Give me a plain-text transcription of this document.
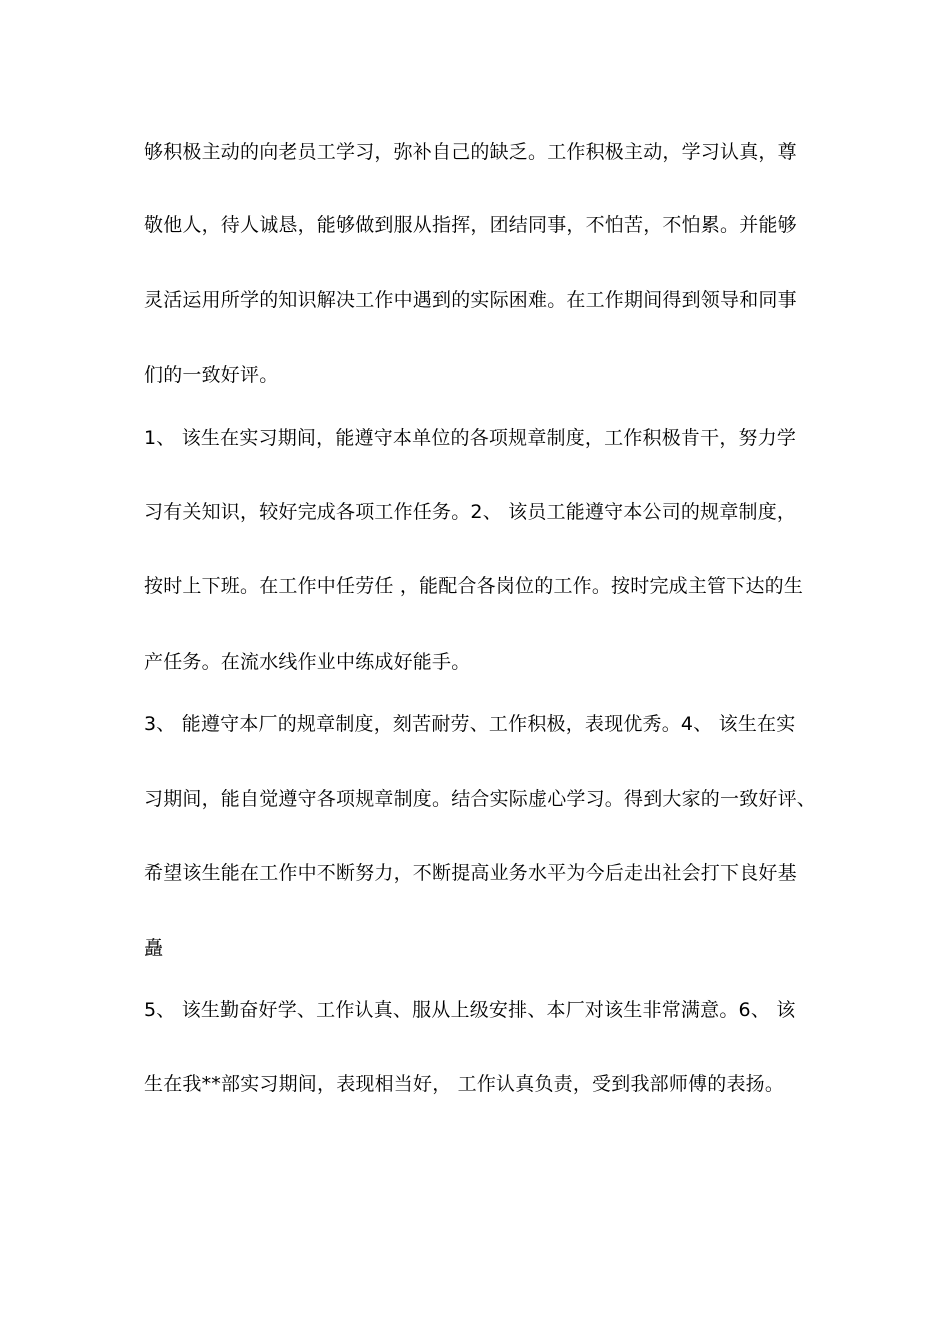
够积极主动的向老员工学习，弥补自己的缺乏。工作积极主动，学习认真，尊
敬他人，待人诚恳，能够做到服从指挥，团结同事，不怕苦，不怕累。并能够
灵活运用所学的知识解决工作中遇到的实际困难。在工作期间得到领导和同事
们的一致好评。
1、 该生在实习期间，能遵守本单位的各项规章制度，工作积极肯干，努力学
习有关知识，较好完成各项工作任务。2、 该员工能遵守本公司的规章制度，
按时上下班。在工作中任劳任 ，能配合各岗位的工作。按时完成主管下达的生
产任务。在流水线作业中练成好能手。
3、 能遵守本厂的规章制度，刻苦耐劳、工作积极，表现优秀。4、 该生在实
习期间，能自觉遵守各项规章制度。结合实际虚心学习。得到大家的一致好评、
希望该生能在工作中不断努力，不断提高业务水平为今后走出社会打下良好基
矗
5、 该生勤奋好学、工作认真、服从上级安排、本厂对该生非常满意。6、 该
生在我**部实习期间，表现相当好， 工作认真负责，受到我部师傅的表扬。
